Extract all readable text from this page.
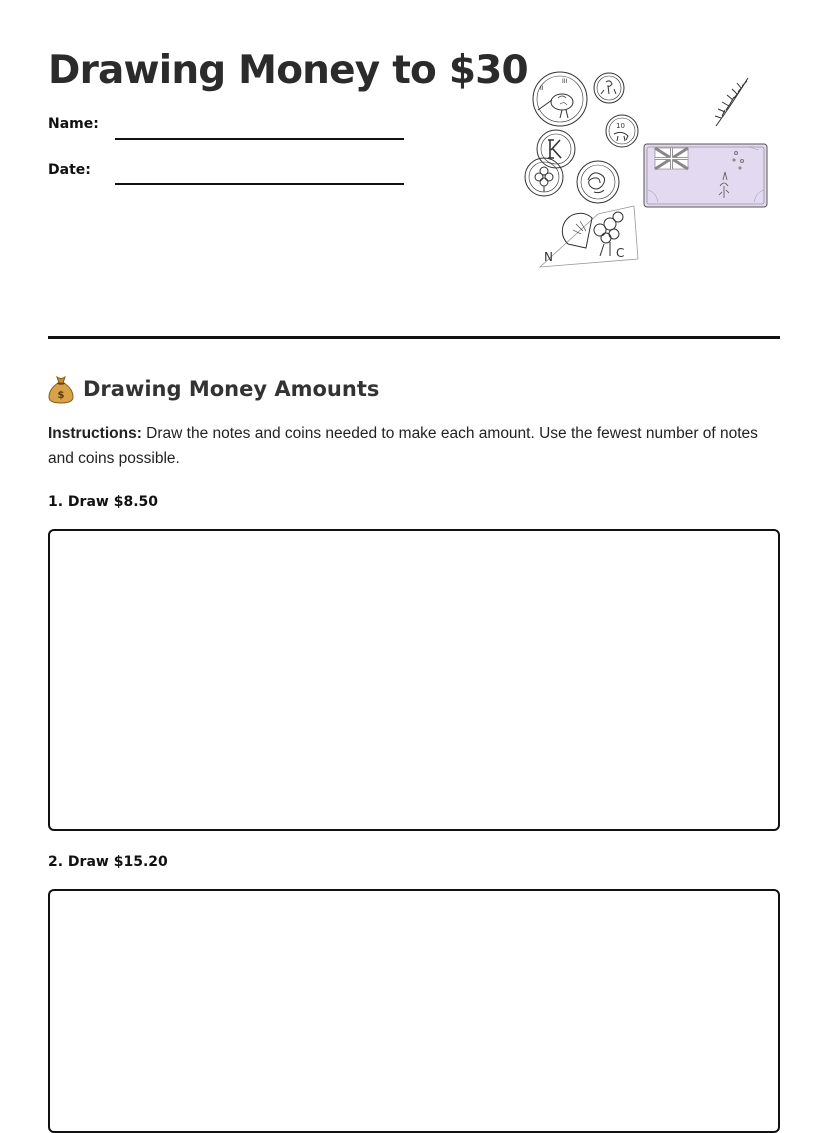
Drawing Money to $30
Name:
Date:
II
III
10
N	C
$ Drawing Money Amounts
Instructions: Draw the notes and coins needed to make each amount. Use the fewest number of notes and coins possible.
1. Draw $8.50
2. Draw $15.20
